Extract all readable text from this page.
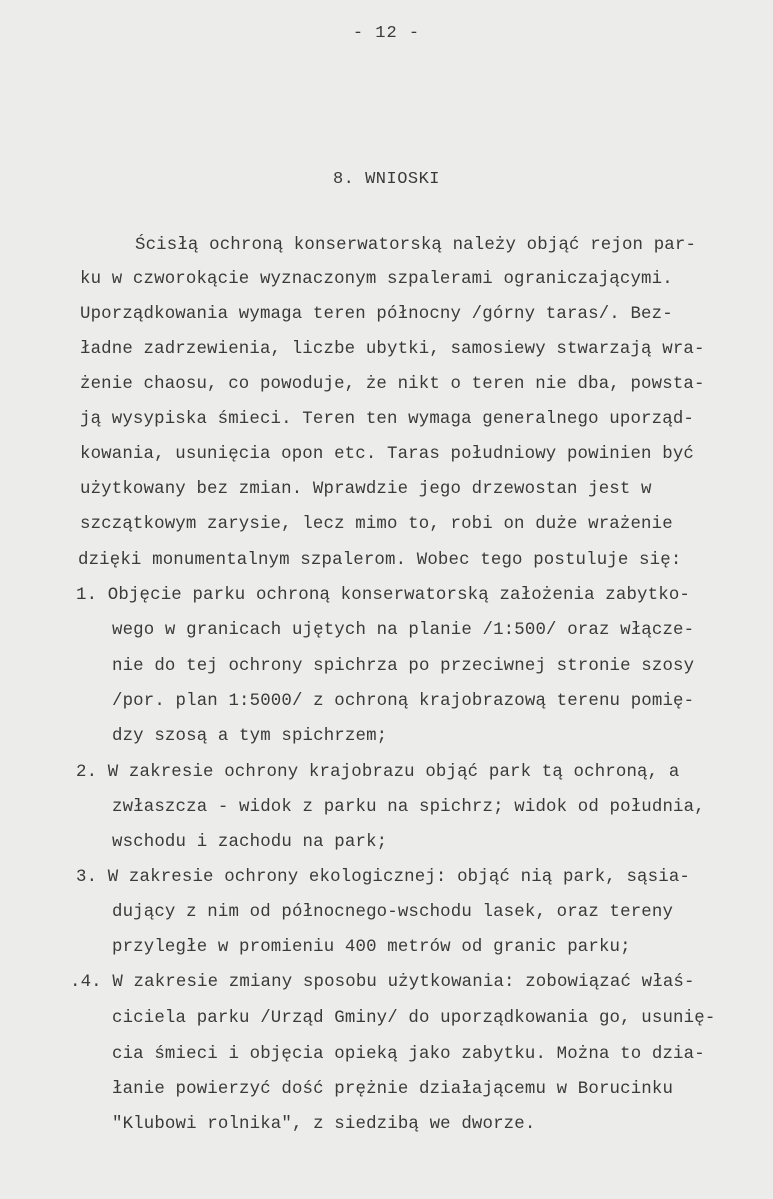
- 12 -
8. WNIOSKI
Ścisłą ochroną konserwatorską należy objąć rejon par-
ku w czworokącie wyznaczonym szpalerami ograniczającymi.
Uporządkowania wymaga teren północny /górny taras/. Bez-
ładne zadrzewienia, liczbe ubytki, samosiewy stwarzają wra-
żenie chaosu, co powoduje, że nikt o teren nie dba, powsta-
ją wysypiska śmieci. Teren ten wymaga generalnego uporząd-
kowania, usunięcia opon etc. Taras południowy powinien być
użytkowany bez zmian. Wprawdzie jego drzewostan jest w
szczątkowym zarysie, lecz mimo to, robi on duże wrażenie
dzięki monumentalnym szpalerom. Wobec tego postuluje się:
1. Objęcie parku ochroną konserwatorską założenia zabytko-
wego w granicach ujętych na planie /1:500/ oraz włącze-
nie do tej ochrony spichrza po przeciwnej stronie szosy
/por. plan 1:5000/ z ochroną krajobrazową terenu pomię-
dzy szosą a tym spichrzem;
2. W zakresie ochrony krajobrazu objąć park tą ochroną, a
zwłaszcza - widok z parku na spichrz; widok od południa,
wschodu i zachodu na park;
3. W zakresie ochrony ekologicznej: objąć nią park, sąsia-
dujący z nim od północnego-wschodu lasek, oraz tereny
przyległe w promieniu 400 metrów od granic parku;
.4. W zakresie zmiany sposobu użytkowania: zobowiązać właś-
ciciela parku /Urząd Gminy/ do uporządkowania go, usunię-
cia śmieci i objęcia opieką jako zabytku. Można to dzia-
łanie powierzyć dość prężnie działającemu w Borucinku
"Klubowi rolnika", z siedzibą we dworze.
